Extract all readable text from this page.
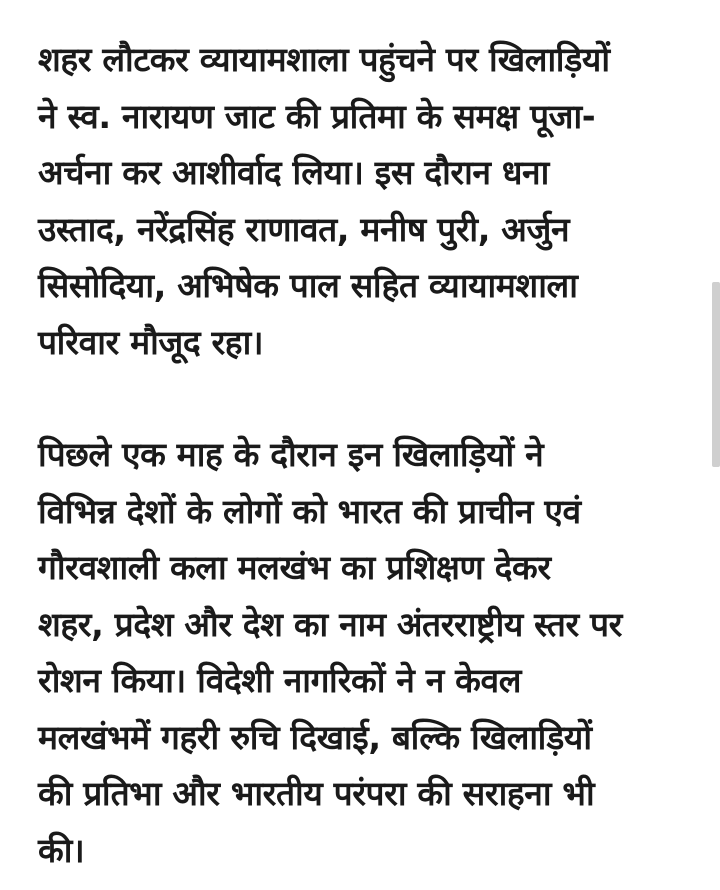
शहर लौटकर व्यायामशाला पहुंचने पर खिलाड़ियों
ने स्व. नारायण जाट की प्रतिमा के समक्ष पूजा-
अर्चना कर आशीर्वाद लिया। इस दौरान धना
उस्ताद, नरेंद्रसिंह राणावत, मनीष पुरी, अर्जुन
सिसोदिया, अभिषेक पाल सहित व्यायामशाला
परिवार मौजूद रहा।

पिछले एक माह के दौरान इन खिलाड़ियों ने
विभिन्न देशों के लोगों को भारत की प्राचीन एवं
गौरवशाली कला मलखंभ का प्रशिक्षण देकर
शहर, प्रदेश और देश का नाम अंतरराष्ट्रीय स्तर पर
रोशन किया। विदेशी नागरिकों ने न केवल
मलखंभमें गहरी रुचि दिखाई, बल्कि खिलाड़ियों
की प्रतिभा और भारतीय परंपरा की सराहना भी
की।
